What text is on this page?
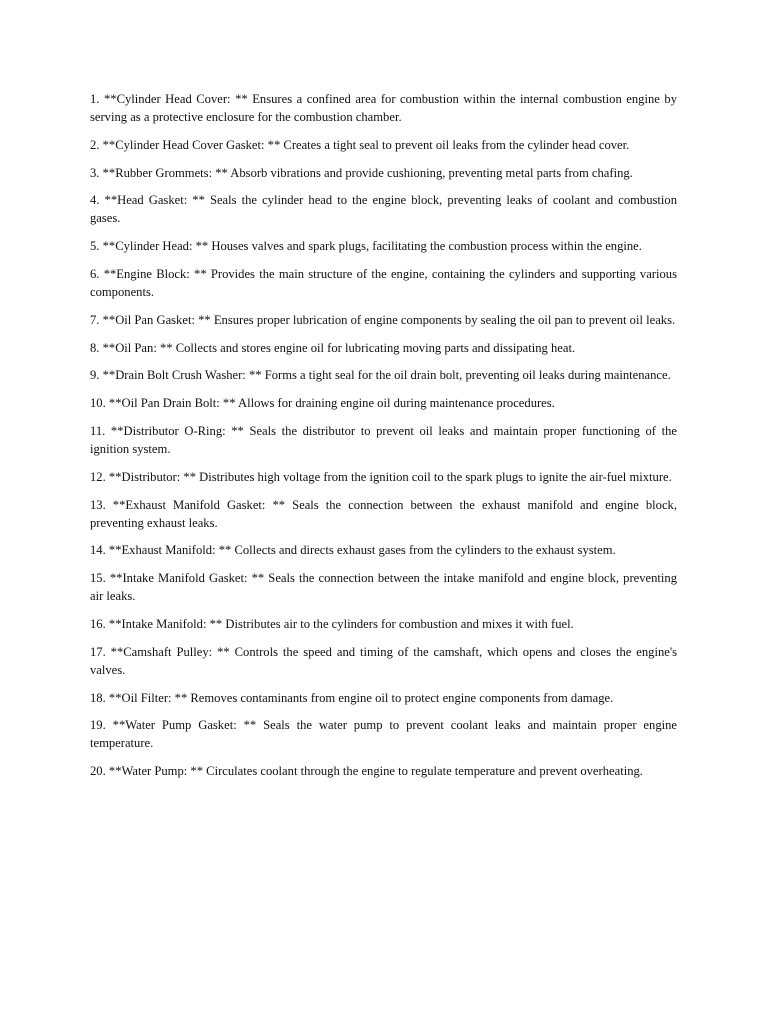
1. **Cylinder Head Cover: ** Ensures a confined area for combustion within the internal combustion engine by serving as a protective enclosure for the combustion chamber.

2. **Cylinder Head Cover Gasket: ** Creates a tight seal to prevent oil leaks from the cylinder head cover.

3. **Rubber Grommets: ** Absorb vibrations and provide cushioning, preventing metal parts from chafing.

4. **Head Gasket: ** Seals the cylinder head to the engine block, preventing leaks of coolant and combustion gases.

5. **Cylinder Head: ** Houses valves and spark plugs, facilitating the combustion process within the engine.

6. **Engine Block: ** Provides the main structure of the engine, containing the cylinders and supporting various components.

7. **Oil Pan Gasket: ** Ensures proper lubrication of engine components by sealing the oil pan to prevent oil leaks.

8. **Oil Pan: ** Collects and stores engine oil for lubricating moving parts and dissipating heat.

9. **Drain Bolt Crush Washer: ** Forms a tight seal for the oil drain bolt, preventing oil leaks during maintenance.

10. **Oil Pan Drain Bolt: ** Allows for draining engine oil during maintenance procedures.

11. **Distributor O-Ring: ** Seals the distributor to prevent oil leaks and maintain proper functioning of the ignition system.

12. **Distributor: ** Distributes high voltage from the ignition coil to the spark plugs to ignite the air-fuel mixture.

13. **Exhaust Manifold Gasket: ** Seals the connection between the exhaust manifold and engine block, preventing exhaust leaks.

14. **Exhaust Manifold: ** Collects and directs exhaust gases from the cylinders to the exhaust system.

15. **Intake Manifold Gasket: ** Seals the connection between the intake manifold and engine block, preventing air leaks.

16. **Intake Manifold: ** Distributes air to the cylinders for combustion and mixes it with fuel.

17. **Camshaft Pulley: ** Controls the speed and timing of the camshaft, which opens and closes the engine's valves.

18. **Oil Filter: ** Removes contaminants from engine oil to protect engine components from damage.

19. **Water Pump Gasket: ** Seals the water pump to prevent coolant leaks and maintain proper engine temperature.

20. **Water Pump: ** Circulates coolant through the engine to regulate temperature and prevent overheating.
